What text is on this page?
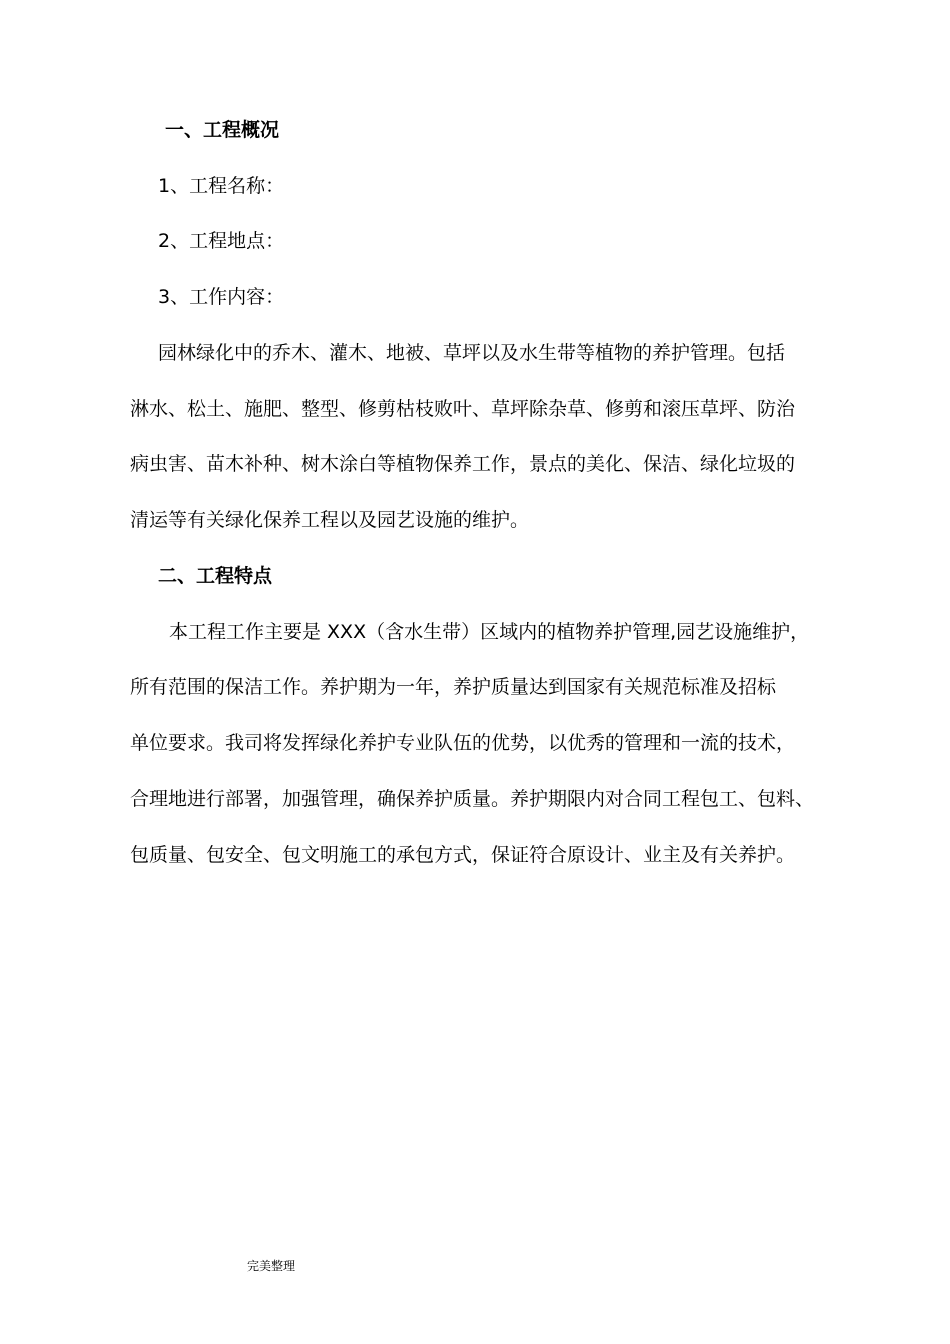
一、工程概况
1、工程名称：
2、工程地点：
3、工作内容：
园林绿化中的乔木、灌木、地被、草坪以及水生带等植物的养护管理。包括
淋水、松土、施肥、整型、修剪枯枝败叶、草坪除杂草、修剪和滚压草坪、防治
病虫害、苗木补种、树木涂白等植物保养工作，景点的美化、保洁、绿化垃圾的
清运等有关绿化保养工程以及园艺设施的维护。
二、工程特点
本工程工作主要是 XXX（含水生带）区域内的植物养护管理,园艺设施维护，
所有范围的保洁工作。养护期为一年，养护质量达到国家有关规范标准及招标
单位要求。我司将发挥绿化养护专业队伍的优势，以优秀的管理和一流的技术，
合理地进行部署，加强管理，确保养护质量。养护期限内对合同工程包工、包料、
包质量、包安全、包文明施工的承包方式，保证符合原设计、业主及有关养护。
完美整理
